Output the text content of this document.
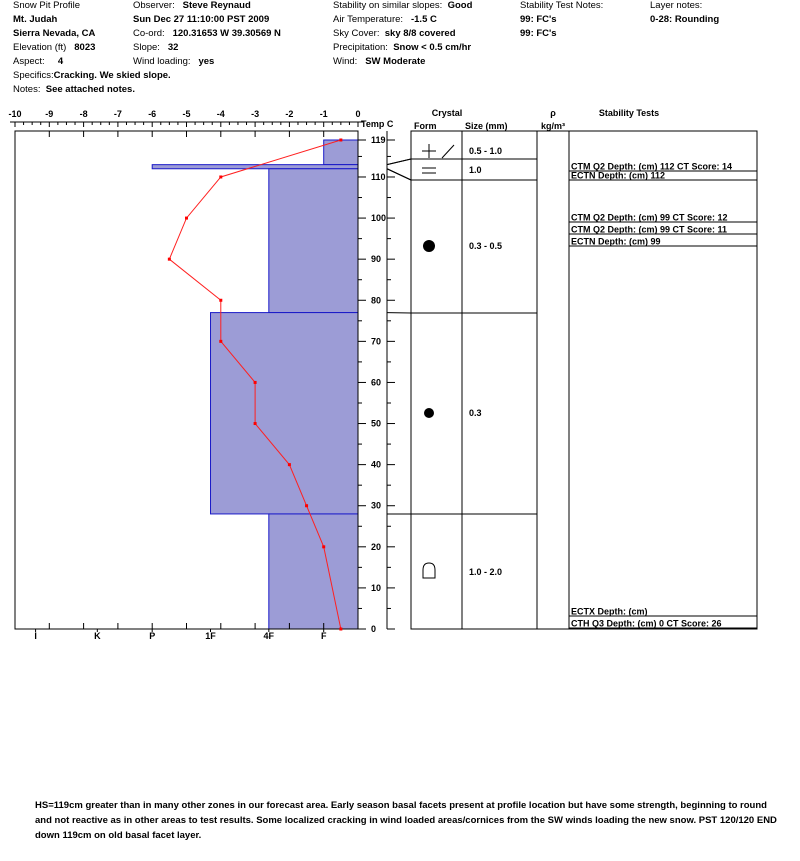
Snow Pit Profile
Mt. Judah
Sierra Nevada, CA
Elevation (ft) 8023
Aspect: 4
Specifics:Cracking. We skied slope.
Notes: See attached notes.
Observer: Steve Reynaud
Sun Dec 27 11:10:00 PST 2009
Co-ord: 120.31653 W 39.30569 N
Slope: 32
Wind loading: yes
Stability on similar slopes: Good
Air Temperature: -1.5 C
Sky Cover: sky 8/8 covered
Precipitation: Snow < 0.5 cm/hr
Wind: SW Moderate
Stability Test Notes:
99: FC's
99: FC's
Layer notes:
0-28: Rounding
-10	-9	-8	-7	-6	-5	-4	-3	-2	-1	0
Temp C
I	K	P	1F	4F	F
119
110
100
90
80
70
60
50
40
30
20
10
0
Crystal
Form	Size (mm)
ρ
kg/m³
Stability Tests
0.5 - 1.0
1.0
0.3 - 0.5
0.3
1.0 - 2.0
CTM Q2 Depth: (cm) 112 CT Score: 14
ECTN Depth: (cm) 112
CTM Q2 Depth: (cm) 99 CT Score: 12
CTM Q2 Depth: (cm) 99 CT Score: 11
ECTN Depth: (cm) 99
ECTX Depth: (cm)
CTH Q3 Depth: (cm) 0 CT Score: 26
HS=119cm greater than in many other zones in our forecast area. Early season basal facets present at profile location but have some strength, beginning to round and not reactive as in other areas to test results. Some localized cracking in wind loaded areas/cornices from the SW winds loading the new snow. PST 120/120 END down 119cm on old basal facet layer.
